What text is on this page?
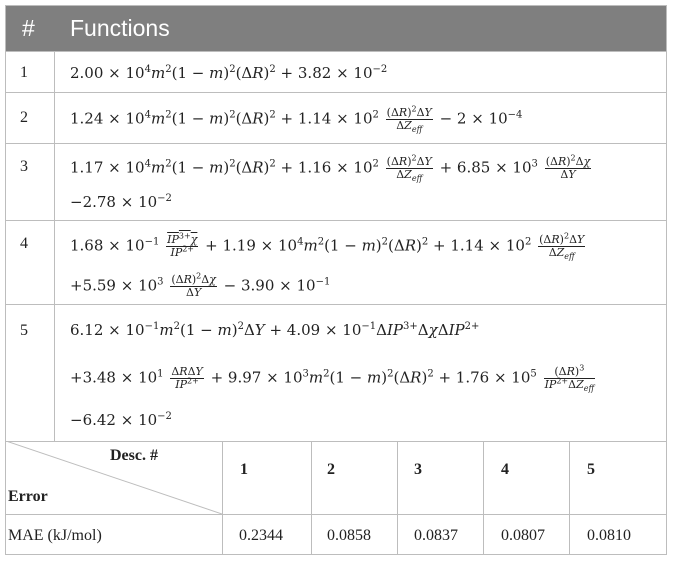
# Functions
1	$2.00 \times 10^4m^2(1 - m)^2(\Delta R)^2 + 3.82 \times 10^{-2}$
2	$1.24 \times 10^4m^2(1 - m)^2(\Delta R)^2 + 1.14 \times 10^2 \frac{(\Delta R)^2\Delta Y}{\Delta Z_{eff}} - 2 \times 10^{-4}$
3	$1.17 \times 10^4m^2(1 - m)^2(\Delta R)^2 + 1.16 \times 10^2 \frac{(\Delta R)^2\Delta Y}{\Delta Z_{eff}} + 6.85 \times 10^3 \frac{(\Delta R)^2\Delta\chi}{\Delta Y}$
$-2.78 \times 10^{-2}$
4	$1.68 \times 10^{-1} \frac{IP^{3+}\chi}{IP^{2+}} + 1.19 \times 10^4m^2(1 - m)^2(\Delta R)^2 + 1.14 \times 10^2 \frac{(\Delta R)^2\Delta Y}{\Delta Z_{eff}}$
$+5.59 \times 10^3 \frac{(\Delta R)^2\Delta\chi}{\Delta Y} - 3.90 \times 10^{-1}$
5	$6.12 \times 10^{-1}m^2(1 - m)^2\Delta Y + 4.09 \times 10^{-1}\Delta IP^{3+}\Delta\chi\Delta IP^{2+}$
$+3.48 \times 10^1 \frac{\text{ΔRΔY}}{IP^{2+}} + 9.97 \times 10^3m^2(1 - m)^2(\Delta R)^2 + 1.76 \times 10^5 \frac{(\Delta R)^3}{IP^{2+}\Delta Z_{eff}}$
$-6.42 \times 10^{-2}$
Desc. #
Error
1	2	3	4	5
MAE (kJ/mol)	0.2344	0.0858	0.0837	0.0807	0.0810
